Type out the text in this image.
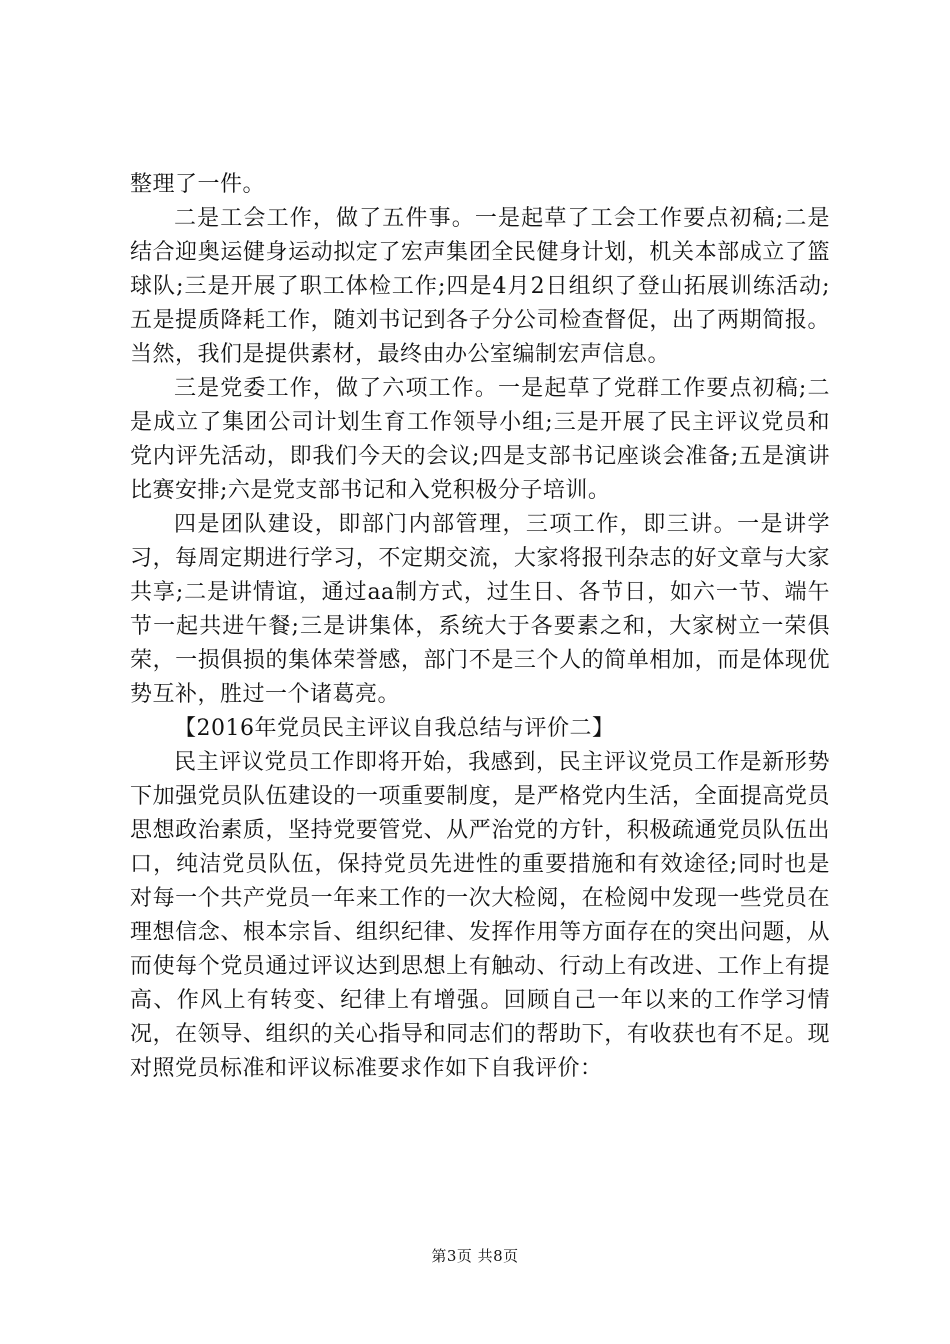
整理了一件。

二是工会工作，做了五件事。一是起草了工会工作要点初稿;二是结合迎奥运健身运动拟定了宏声集团全民健身计划，机关本部成立了篮球队;三是开展了职工体检工作;四是4月2日组织了登山拓展训练活动;五是提质降耗工作，随刘书记到各子分公司检查督促，出了两期简报。当然，我们是提供素材，最终由办公室编制宏声信息。

三是党委工作，做了六项工作。一是起草了党群工作要点初稿;二是成立了集团公司计划生育工作领导小组;三是开展了民主评议党员和党内评先活动，即我们今天的会议;四是支部书记座谈会准备;五是演讲比赛安排;六是党支部书记和入党积极分子培训。

四是团队建设，即部门内部管理，三项工作，即三讲。一是讲学习，每周定期进行学习，不定期交流，大家将报刊杂志的好文章与大家共享;二是讲情谊，通过aa制方式，过生日、各节日，如六一节、端午节一起共进午餐;三是讲集体，系统大于各要素之和，大家树立一荣俱荣，一损俱损的集体荣誉感，部门不是三个人的简单相加，而是体现优势互补，胜过一个诸葛亮。

【2016年党员民主评议自我总结与评价二】

民主评议党员工作即将开始，我感到，民主评议党员工作是新形势下加强党员队伍建设的一项重要制度，是严格党内生活，全面提高党员思想政治素质，坚持党要管党、从严治党的方针，积极疏通党员队伍出口，纯洁党员队伍，保持党员先进性的重要措施和有效途径;同时也是对每一个共产党员一年来工作的一次大检阅，在检阅中发现一些党员在理想信念、根本宗旨、组织纪律、发挥作用等方面存在的突出问题，从而使每个党员通过评议达到思想上有触动、行动上有改进、工作上有提高、作风上有转变、纪律上有增强。回顾自己一年以来的工作学习情况，在领导、组织的关心指导和同志们的帮助下，有收获也有不足。现对照党员标准和评议标准要求作如下自我评价：

第3页 共8页
